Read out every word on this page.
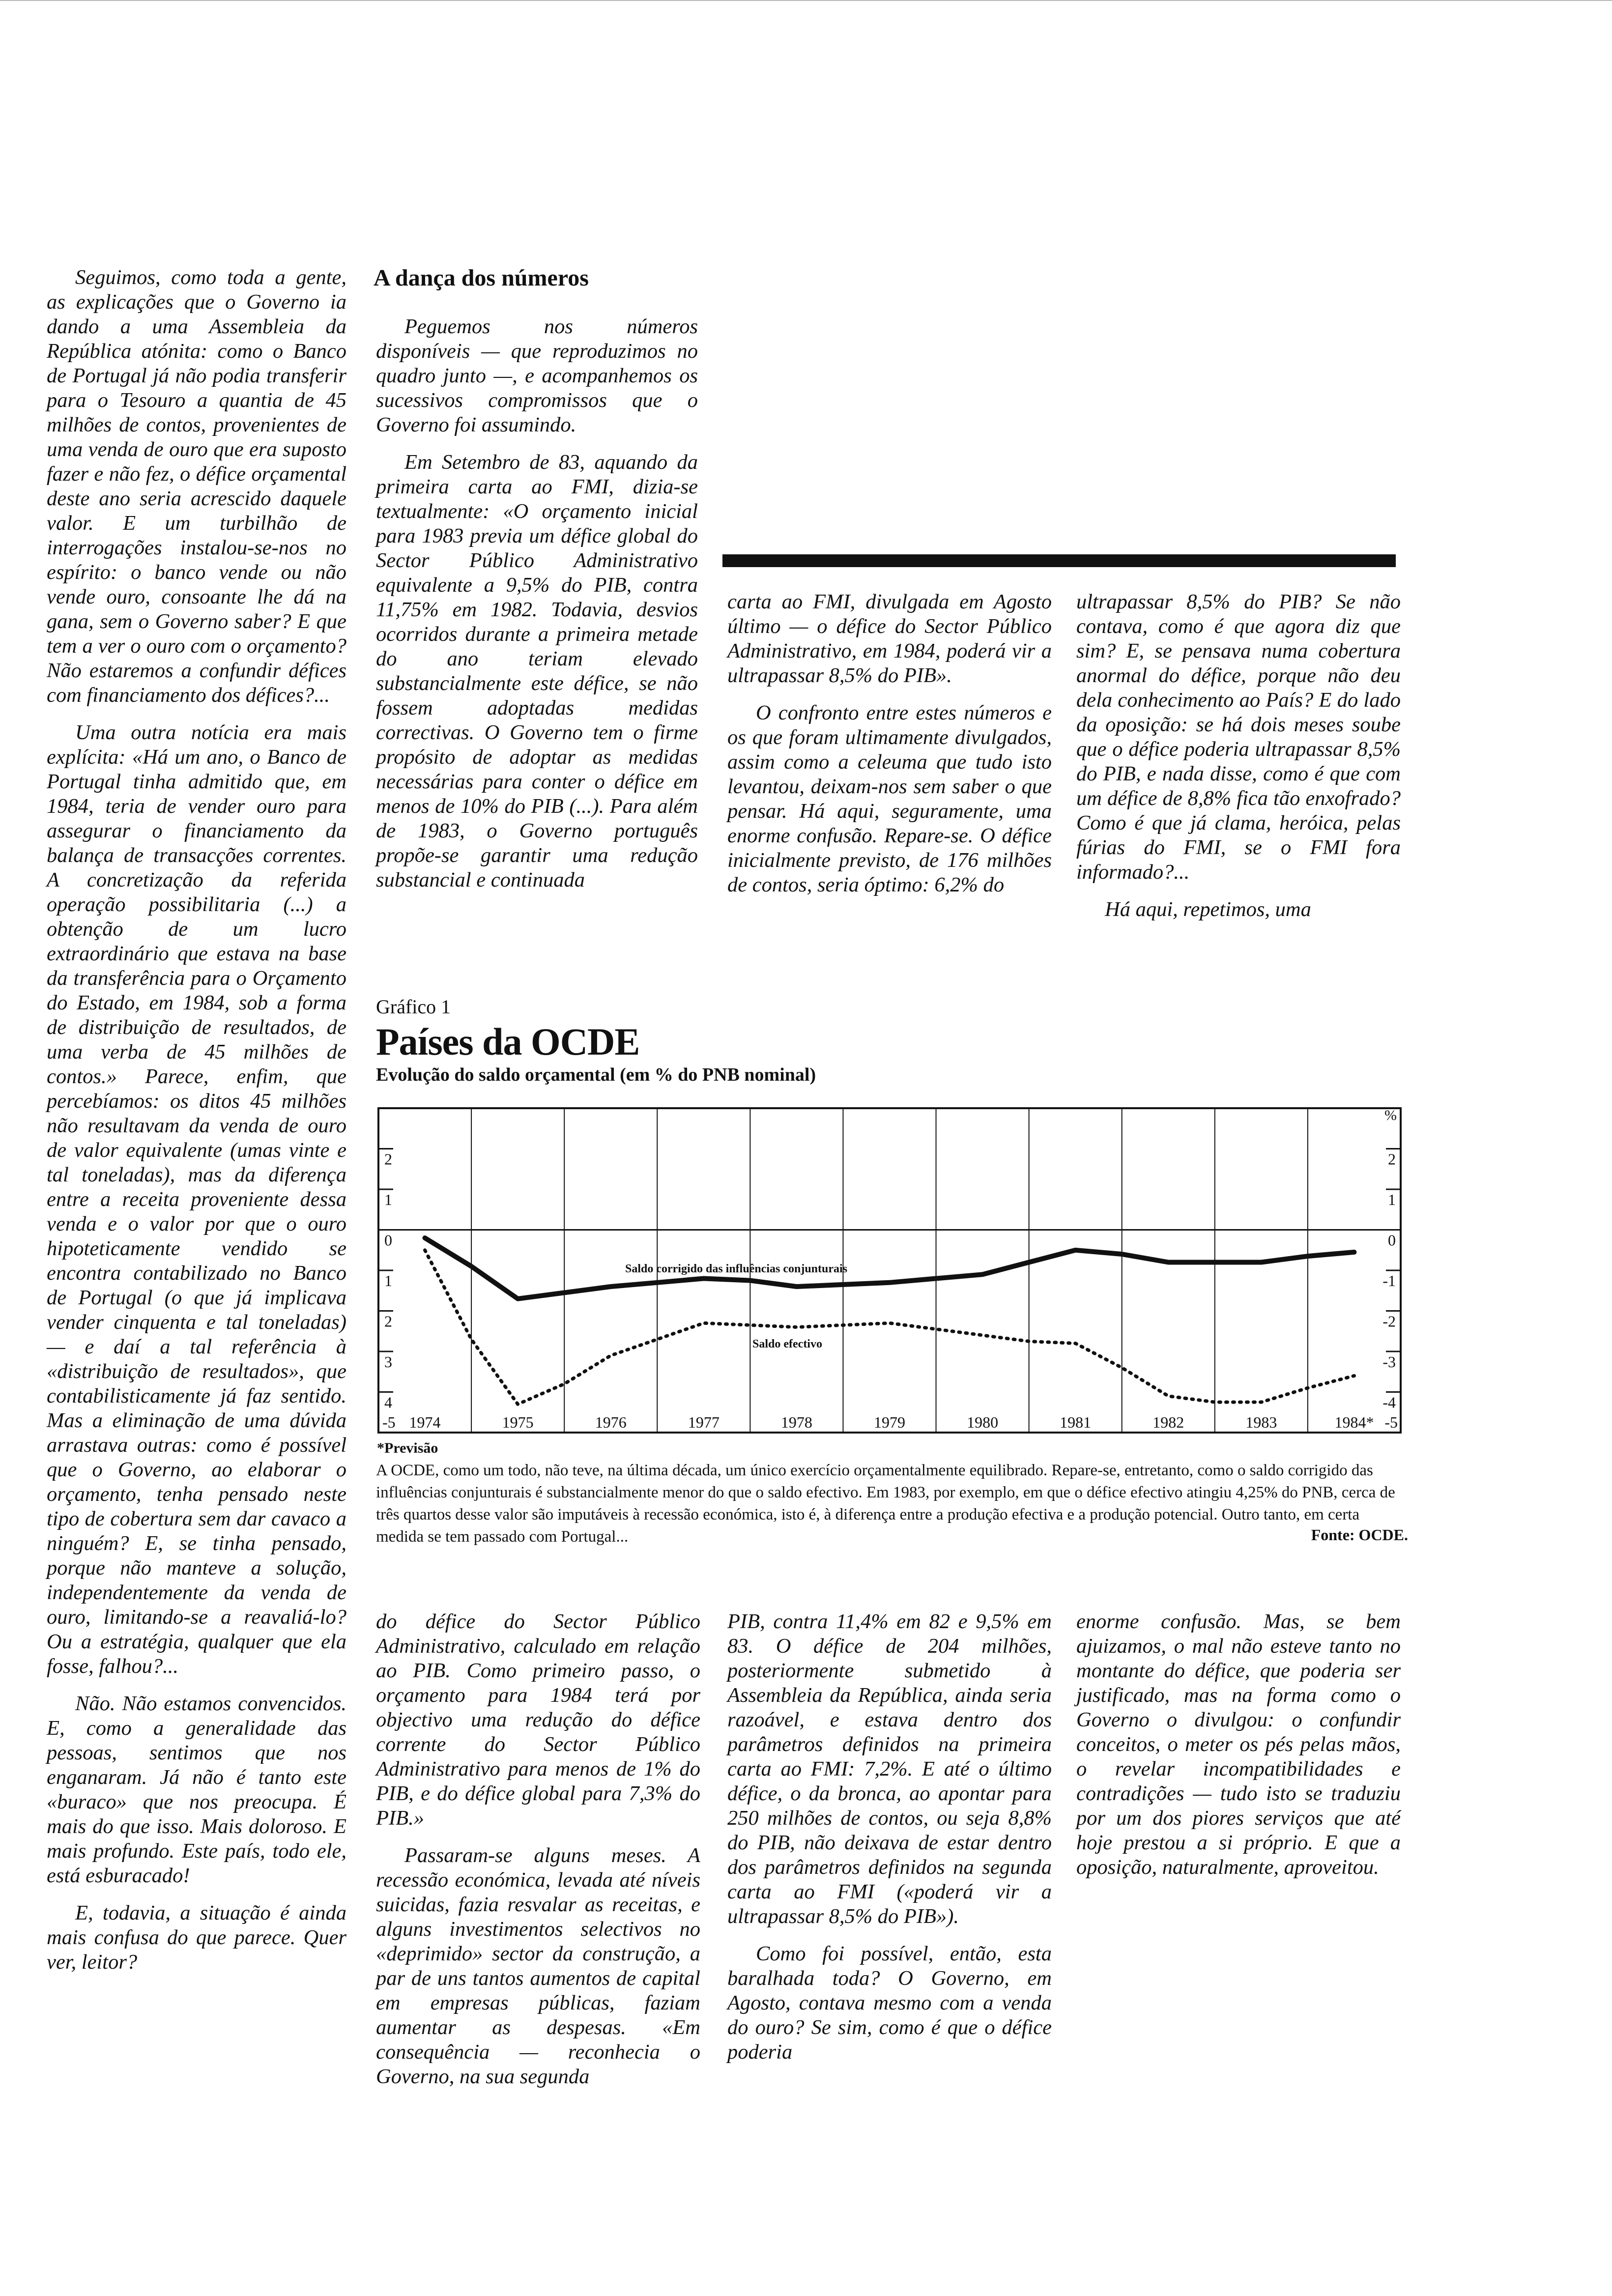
Seguimos, como toda a gente, as explicações que o Governo ia dando a uma Assembleia da República atónita: como o Banco de Portugal já não podia transferir para o Tesouro a quantia de 45 milhões de contos, provenientes de uma venda de ouro que era suposto fazer e não fez, o défice orçamental deste ano seria acrescido daquele valor. E um turbilhão de interrogações instalou-se-nos no espírito: o banco vende ou não vende ouro, consoante lhe dá na gana, sem o Governo saber? E que tem a ver o ouro com o orçamento? Não estaremos a confundir défices com financiamento dos défices?...

Uma outra notícia era mais explícita: «Há um ano, o Banco de Portugal tinha admitido que, em 1984, teria de vender ouro para assegurar o financiamento da balança de transacções correntes. A concretização da referida operação possibilitaria (...) a obtenção de um lucro extraordinário que estava na base da transferência para o Orçamento do Estado, em 1984, sob a forma de distribuição de resultados, de uma verba de 45 milhões de contos.» Parece, enfim, que percebíamos: os ditos 45 milhões não resultavam da venda de ouro de valor equivalente (umas vinte e tal toneladas), mas da diferença entre a receita proveniente dessa venda e o valor por que o ouro hipoteticamente vendido se encontra contabilizado no Banco de Portugal (o que já implicava vender cinquenta e tal toneladas) — e daí a tal referência à «distribuição de resultados», que contabilisticamente já faz sentido. Mas a eliminação de uma dúvida arrastava outras: como é possível que o Governo, ao elaborar o orçamento, tenha pensado neste tipo de cobertura sem dar cavaco a ninguém? E, se tinha pensado, porque não manteve a solução, independentemente da venda de ouro, limitando-se a reavaliá-lo? Ou a estratégia, qualquer que ela fosse, falhou?...

Não. Não estamos convencidos. E, como a generalidade das pessoas, sentimos que nos enganaram. Já não é tanto este «buraco» que nos preocupa. É mais do que isso. Mais doloroso. E mais profundo. Este país, todo ele, está esburacado!

E, todavia, a situação é ainda mais confusa do que parece. Quer ver, leitor?

A dança dos números

Peguemos nos números disponíveis — que reproduzimos no quadro junto —, e acompanhemos os sucessivos compromissos que o Governo foi assumindo.

Em Setembro de 83, aquando da primeira carta ao FMI, dizia-se textualmente: «O orçamento inicial para 1983 previa um défice global do Sector Público Administrativo equivalente a 9,5% do PIB, contra 11,75% em 1982. Todavia, desvios ocorridos durante a primeira metade do ano teriam elevado substancialmente este défice, se não fossem adoptadas medidas correctivas. O Governo tem o firme propósito de adoptar as medidas necessárias para conter o défice em menos de 10% do PIB (...). Para além de 1983, o Governo português propõe-se garantir uma redução substancial e continuada

carta ao FMI, divulgada em Agosto último — o défice do Sector Público Administrativo, em 1984, poderá vir a ultrapassar 8,5% do PIB».

O confronto entre estes números e os que foram ultimamente divulgados, assim como a celeuma que tudo isto levantou, deixam-nos sem saber o que pensar. Há aqui, seguramente, uma enorme confusão. Repare-se. O défice inicialmente previsto, de 176 milhões de contos, seria óptimo: 6,2% do

ultrapassar 8,5% do PIB? Se não contava, como é que agora diz que sim? E, se pensava numa cobertura anormal do défice, porque não deu dela conhecimento ao País? E do lado da oposição: se há dois meses soube que o défice poderia ultrapassar 8,5% do PIB, e nada disse, como é que com um défice de 8,8% fica tão enxofrado? Como é que já clama, heróica, pelas fúrias do FMI, se o FMI fora informado?...

Há aqui, repetimos, uma

Gráfico 1
Países da OCDE
Evolução do saldo orçamental (em % do PNB nominal)
2
1
0
1
2
3
4
2
1
0
-1
-2
-3
-4
%
1974	1975	1976	1977	1978	1979	1980	1981	1982	1983	1984*
-5	-5
Saldo corrigido das influências conjunturais
Saldo efectivo
*Previsão
A OCDE, como um todo, não teve, na última década, um único exercício orçamentalmente equilibrado. Repare-se, entretanto, como o saldo corrigido das influências conjunturais é substancialmente menor do que o saldo efectivo. Em 1983, por exemplo, em que o défice efectivo atingiu 4,25% do PNB, cerca de três quartos desse valor são imputáveis à recessão económica, isto é, à diferença entre a produção efectiva e a produção potencial. Outro tanto, em certa medida se tem passado com Portugal...	Fonte: OCDE.

do défice do Sector Público Administrativo, calculado em relação ao PIB. Como primeiro passo, o orçamento para 1984 terá por objectivo uma redução do défice corrente do Sector Público Administrativo para menos de 1% do PIB, e do défice global para 7,3% do PIB.»

Passaram-se alguns meses. A recessão económica, levada até níveis suicidas, fazia resvalar as receitas, e alguns investimentos selectivos no «deprimido» sector da construção, a par de uns tantos aumentos de capital em empresas públicas, faziam aumentar as despesas. «Em consequência — reconhecia o Governo, na sua segunda

PIB, contra 11,4% em 82 e 9,5% em 83. O défice de 204 milhões, posteriormente submetido à Assembleia da República, ainda seria razoável, e estava dentro dos parâmetros definidos na primeira carta ao FMI: 7,2%. E até o último défice, o da bronca, ao apontar para 250 milhões de contos, ou seja 8,8% do PIB, não deixava de estar dentro dos parâmetros definidos na segunda carta ao FMI («poderá vir a ultrapassar 8,5% do PIB»).

Como foi possível, então, esta baralhada toda? O Governo, em Agosto, contava mesmo com a venda do ouro? Se sim, como é que o défice poderia

enorme confusão. Mas, se bem ajuizamos, o mal não esteve tanto no montante do défice, que poderia ser justificado, mas na forma como o Governo o divulgou: o confundir conceitos, o meter os pés pelas mãos, o revelar incompatibilidades e contradições — tudo isto se traduziu por um dos piores serviços que até hoje prestou a si próprio. E que a oposição, naturalmente, aproveitou.
